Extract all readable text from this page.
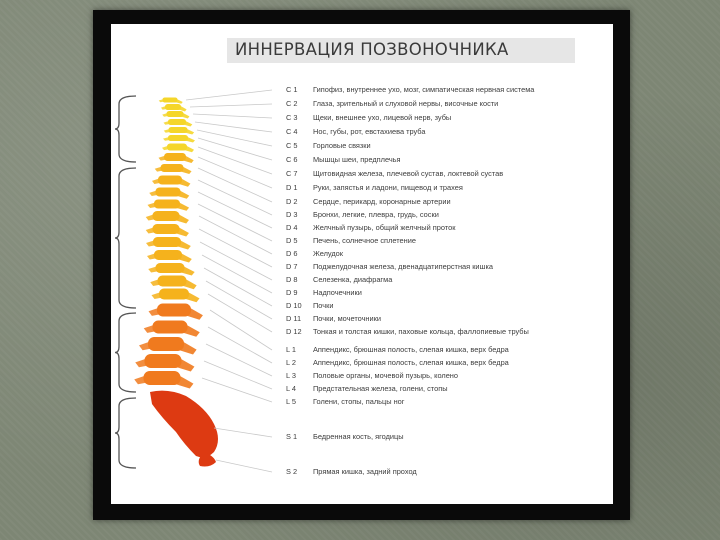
ИННЕРВАЦИЯ ПОЗВОНОЧНИКА
C 1	Гипофиз, внутреннее ухо, мозг, симпатическая нервная система
C 2	Глаза, зрительный и слуховой нервы, височные кости
C 3	Щеки, внешнее ухо, лицевой нерв, зубы
C 4	Нос, губы, рот, евстахиева труба
C 5	Горловые связки
C 6	Мышцы шеи, предплечья
C 7	Щитовидная железа, плечевой сустав, локтевой сустав
D 1	Руки, запястья и ладони, пищевод и трахея
D 2	Сердце, перикард, коронарные артерии
D 3	Бронхи, легкие, плевра, грудь, соски
D 4	Желчный пузырь, общий желчный проток
D 5	Печень, солнечное сплетение
D 6	Желудок
D 7	Поджелудочная железа, двенадцатиперстная кишка
D 8	Селезенка, диафрагма
D 9	Надпочечники
D 10	Почки
D 11	Почки, мочеточники
D 12	Тонкая и толстая кишки, паховые кольца, фаллопиевые трубы
L 1	Аппендикс, брюшная полость, слепая кишка, верх бедра
L 2	Аппендикс, брюшная полость, слепая кишка, верх бедра
L 3	Половые органы, мочевой пузырь, колено
L 4	Предстательная железа, голени, стопы
L 5	Голени, стопы, пальцы ног
S 1	Бедренная кость, ягодицы
S 2	Прямая кишка, задний проход
